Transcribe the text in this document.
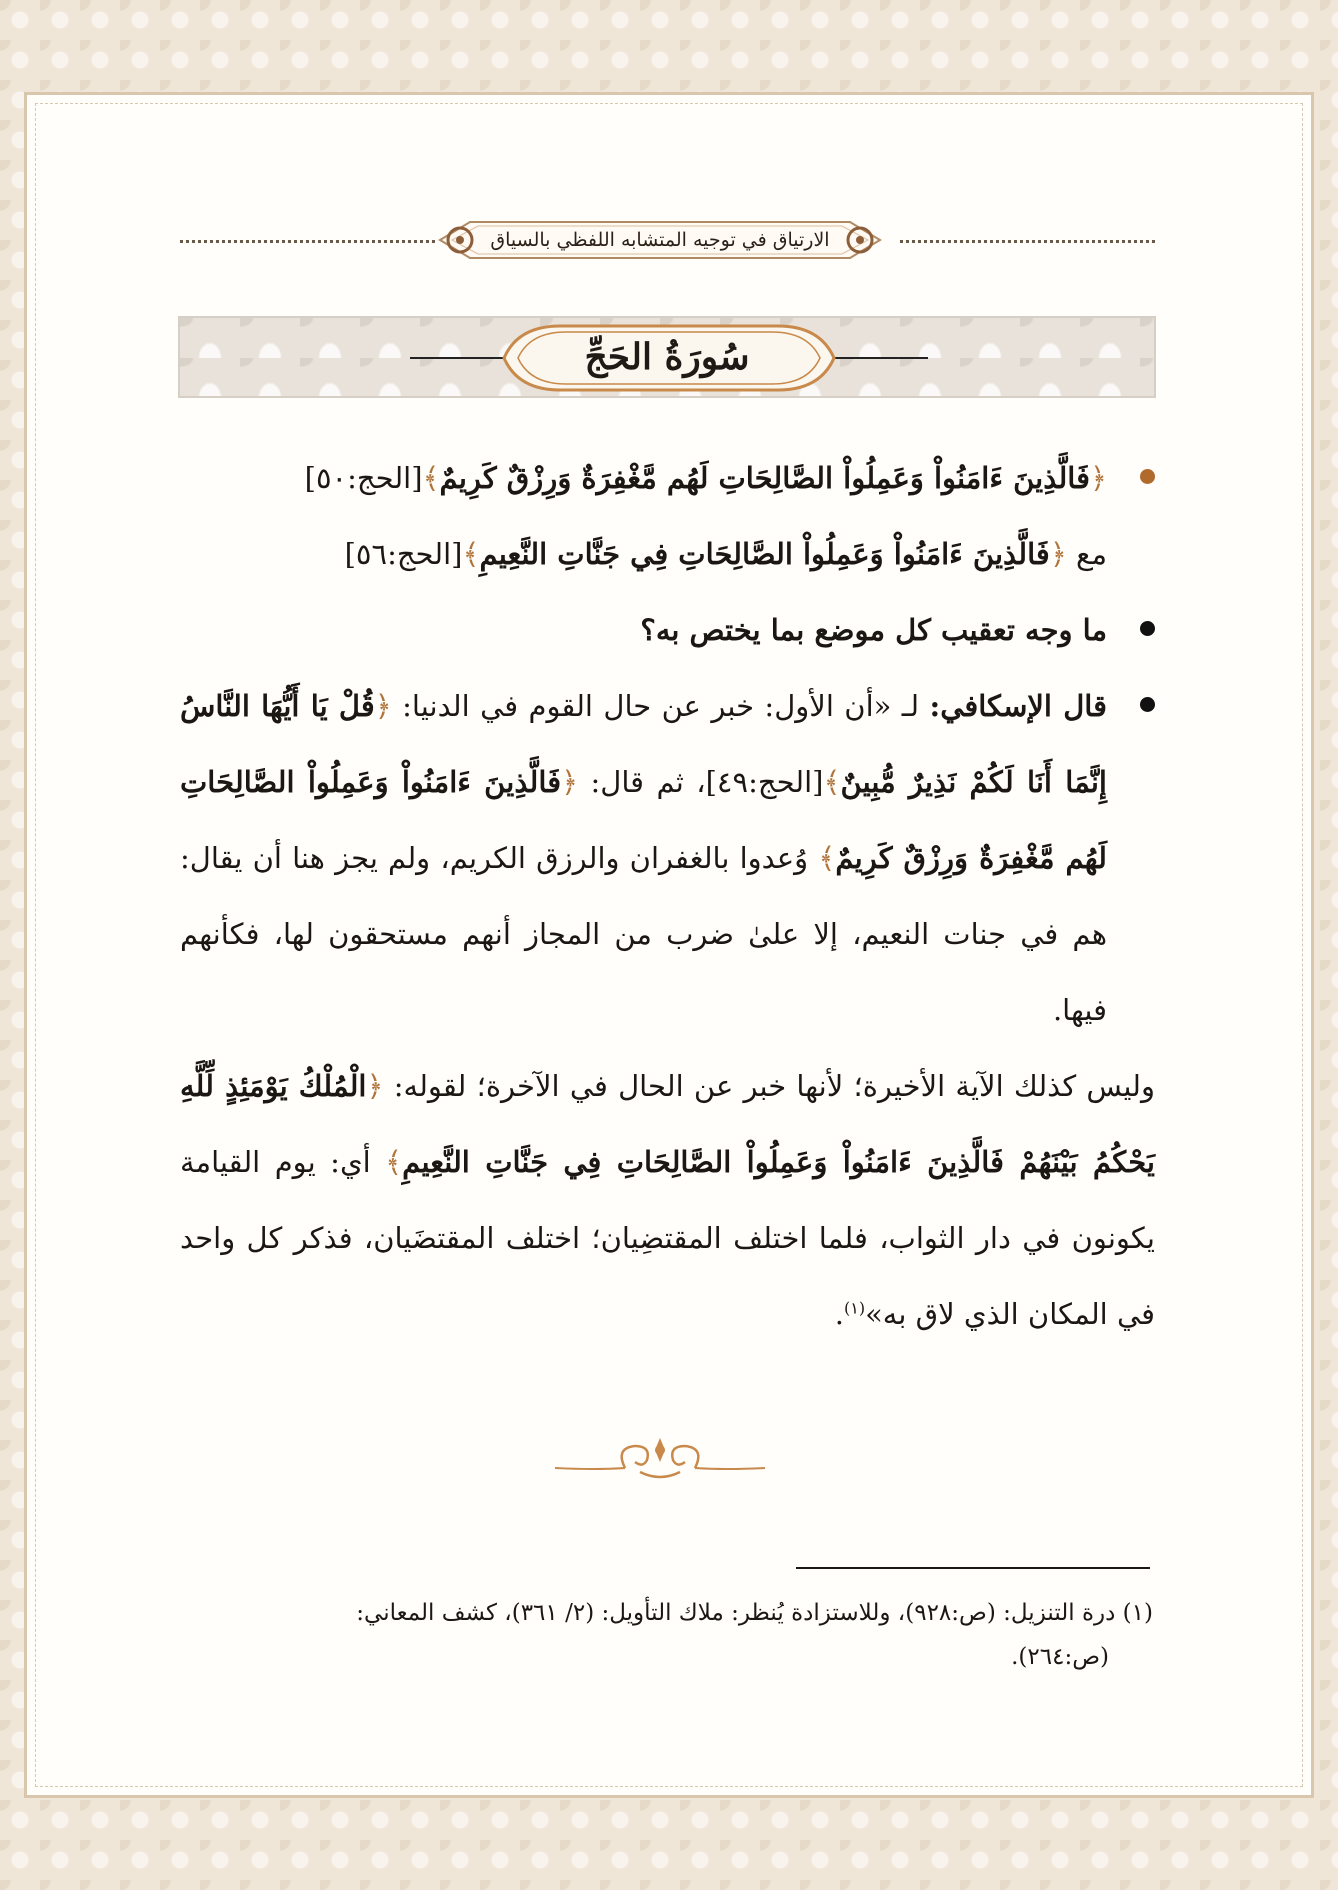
الارتياق في توجيه المتشابه اللفظي بالسياق
سُورَةُ الحَجِّ
﴿فَالَّذِينَ ءَامَنُواْ وَعَمِلُواْ الصَّالِحَاتِ لَهُم مَّغْفِرَةٌ وَرِزْقٌ كَرِيمٌ﴾[الحج:٥٠]
مع ﴿فَالَّذِينَ ءَامَنُواْ وَعَمِلُواْ الصَّالِحَاتِ فِي جَنَّاتِ النَّعِيمِ﴾[الحج:٥٦]
ما وجه تعقيب كل موضع بما يختص به؟
قال الإسكافي: لـ «أن الأول: خبر عن حال القوم في الدنيا: ﴿قُلْ يَا أَيُّهَا النَّاسُ إِنَّمَا أَنَا لَكُمْ نَذِيرٌ مُّبِينٌ﴾[الحج:٤٩]، ثم قال: ﴿فَالَّذِينَ ءَامَنُواْ وَعَمِلُواْ الصَّالِحَاتِ لَهُم مَّغْفِرَةٌ وَرِزْقٌ كَرِيمٌ﴾ وُعدوا بالغفران والرزق الكريم، ولم يجز هنا أن يقال: هم في جنات النعيم، إلا علىٰ ضرب من المجاز أنهم مستحقون لها، فكأنهم فيها.
وليس كذلك الآية الأخيرة؛ لأنها خبر عن الحال في الآخرة؛ لقوله: ﴿الْمُلْكُ يَوْمَئِذٍ لِّلَّهِ يَحْكُمُ بَيْنَهُمْ فَالَّذِينَ ءَامَنُواْ وَعَمِلُواْ الصَّالِحَاتِ فِي جَنَّاتِ النَّعِيمِ﴾ أي: يوم القيامة يكونون في دار الثواب، فلما اختلف المقتضِيان؛ اختلف المقتضَيان، فذكر كل واحد في المكان الذي لاق به»$^{(١)}$.

(١) درة التنزيل: (ص:٩٢٨)، وللاستزادة يُنظر: ملاك التأويل: (٢/ ٣٦١)، كشف المعاني:

(ص:٢٦٤).
